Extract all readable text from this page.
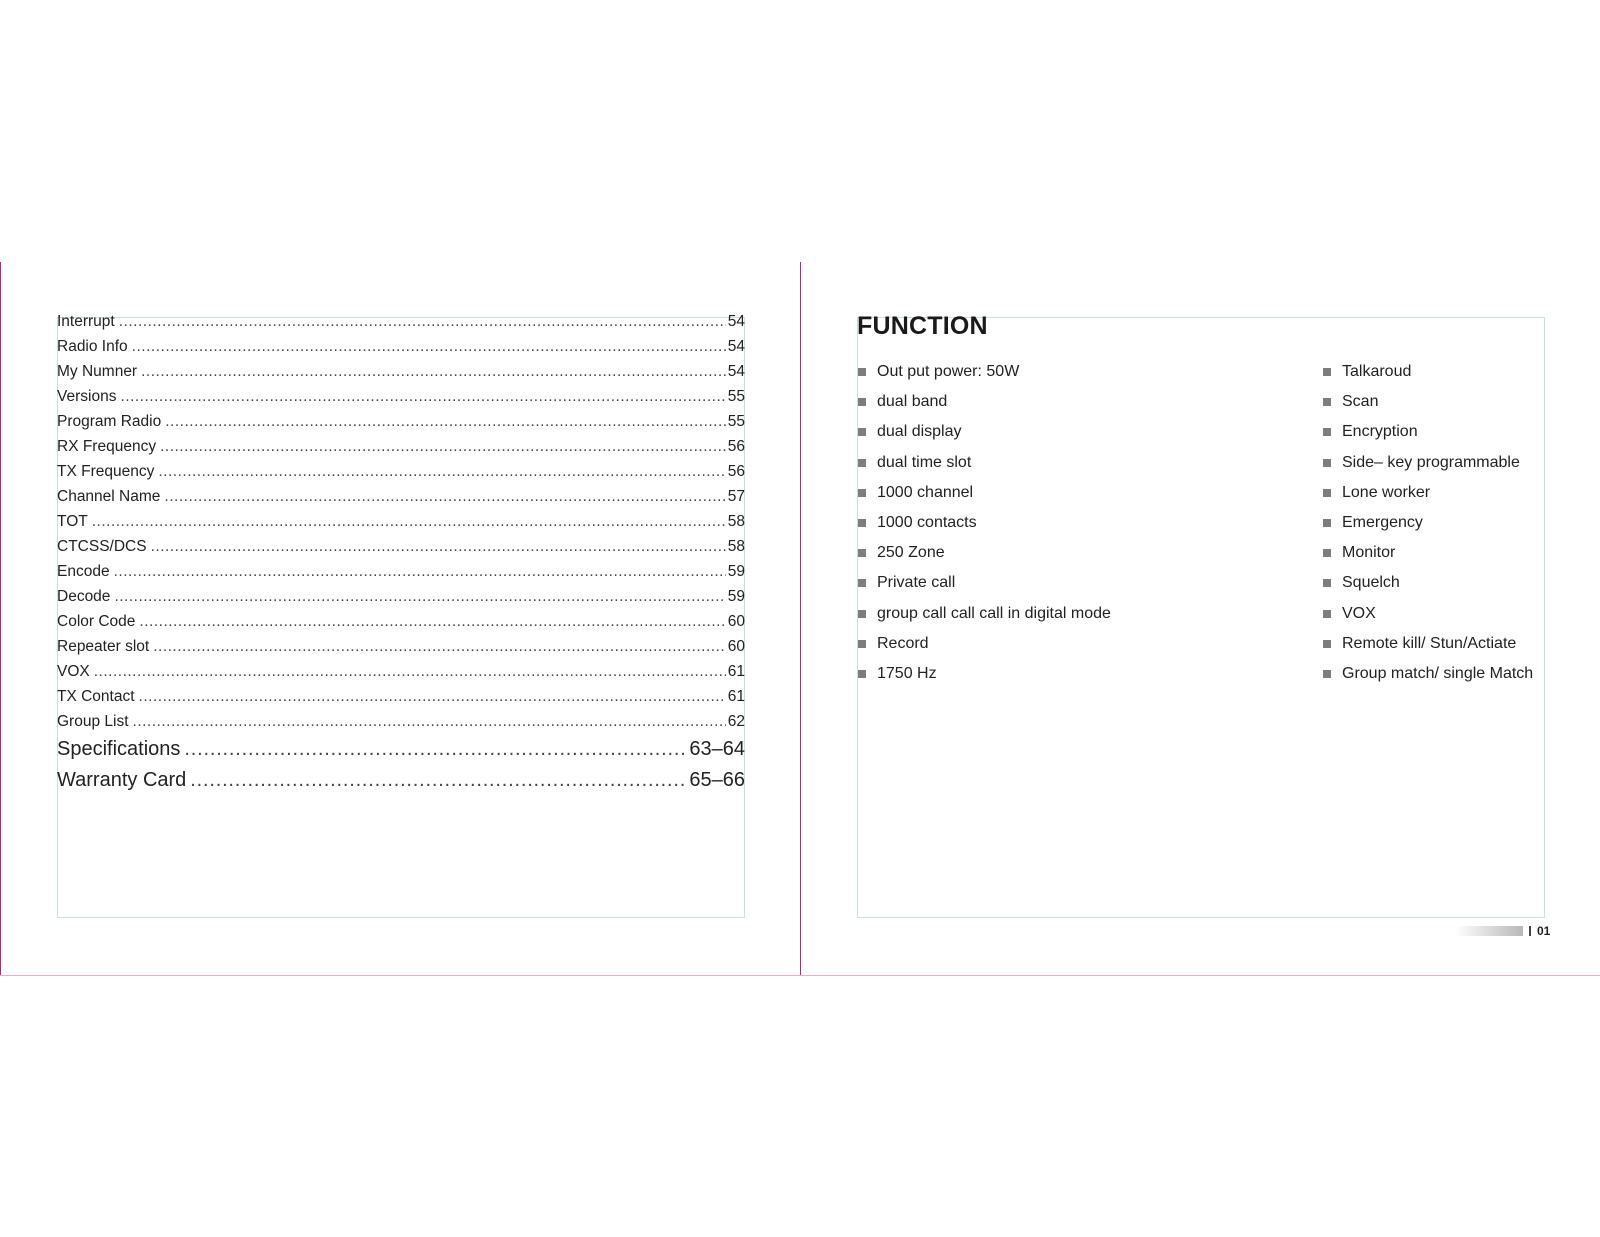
Interrupt .....	54
Radio Info .....	54
My Numner .....	54
Versions .....	55
Program Radio .....	55
RX Frequency .....	56
TX Frequency .....	56
Channel Name .....	57
TOT .....	58
CTCSS/DCS .....	58
Encode .....	59
Decode .....	59
Color Code .....	60
Repeater slot .....	60
VOX .....	61
TX Contact .....	61
Group List .....	62
Specifications .....	63–64
Warranty Card .....	65–66
FUNCTION
Out put power: 50W
dual band
dual display
dual time slot
1000 channel
1000 contacts
250 Zone
Private call
group call call call in digital mode
Record
1750 Hz
Talkaroud
Scan
Encryption
Side– key programmable
Lone worker
Emergency
Monitor
Squelch
VOX
Remote kill/ Stun/Actiate
Group match/ single Match
01
